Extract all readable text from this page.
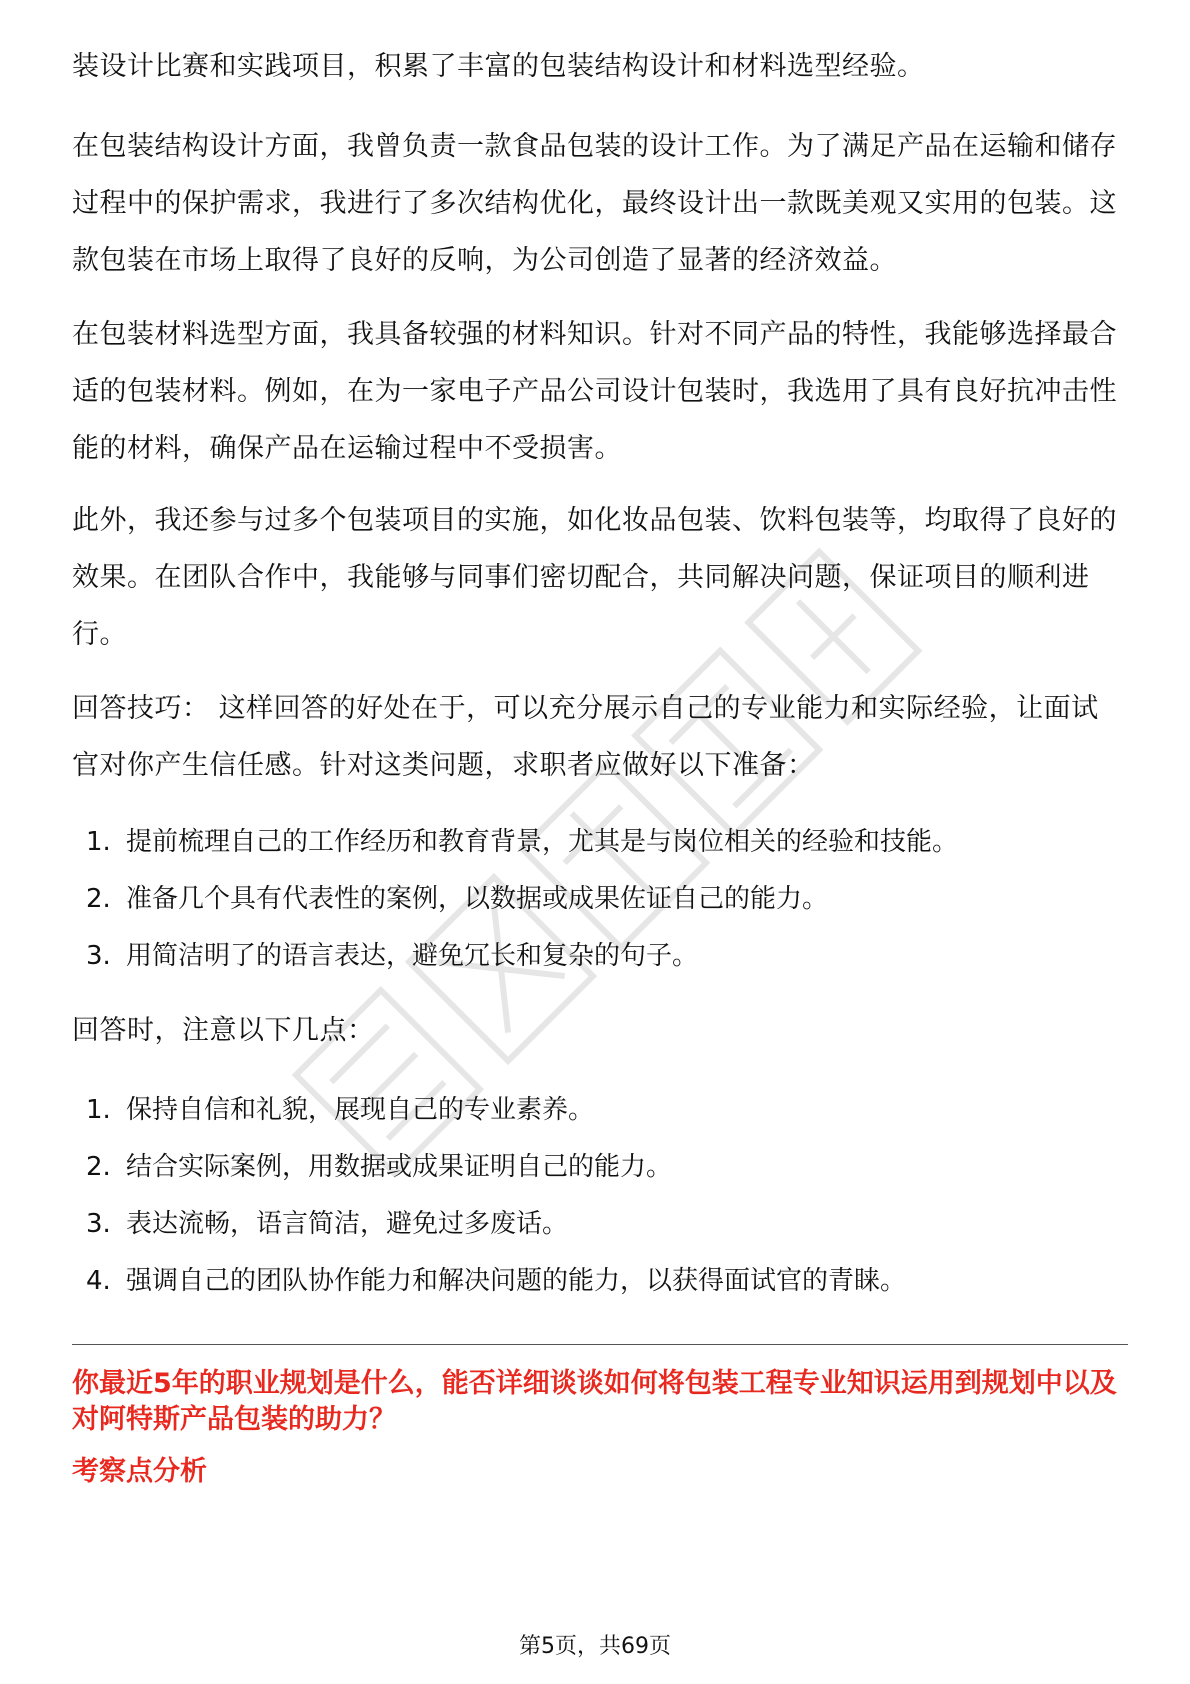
装设计比赛和实践项目，积累了丰富的包装结构设计和材料选型经验。

在包装结构设计方面，我曾负责一款食品包装的设计工作。为了满足产品在运输和储存过程中的保护需求，我进行了多次结构优化，最终设计出一款既美观又实用的包装。这款包装在市场上取得了良好的反响，为公司创造了显著的经济效益。

在包装材料选型方面，我具备较强的材料知识。针对不同产品的特性，我能够选择最合适的包装材料。例如，在为一家电子产品公司设计包装时，我选用了具有良好抗冲击性能的材料，确保产品在运输过程中不受损害。

此外，我还参与过多个包装项目的实施，如化妆品包装、饮料包装等，均取得了良好的效果。在团队合作中，我能够与同事们密切配合，共同解决问题，保证项目的顺利进行。

回答技巧： 这样回答的好处在于，可以充分展示自己的专业能力和实际经验，让面试官对你产生信任感。针对这类问题，求职者应做好以下准备：

1. 提前梳理自己的工作经历和教育背景，尤其是与岗位相关的经验和技能。
2. 准备几个具有代表性的案例，以数据或成果佐证自己的能力。
3. 用简洁明了的语言表达，避免冗长和复杂的句子。

回答时，注意以下几点：

1. 保持自信和礼貌，展现自己的专业素养。
2. 结合实际案例，用数据或成果证明自己的能力。
3. 表达流畅，语言简洁，避免过多废话。
4. 强调自己的团队协作能力和解决问题的能力，以获得面试官的青睐。

你最近5年的职业规划是什么，能否详细谈谈如何将包装工程专业知识运用到规划中以及对阿特斯产品包装的助力？

考察点分析

第5页，共69页
